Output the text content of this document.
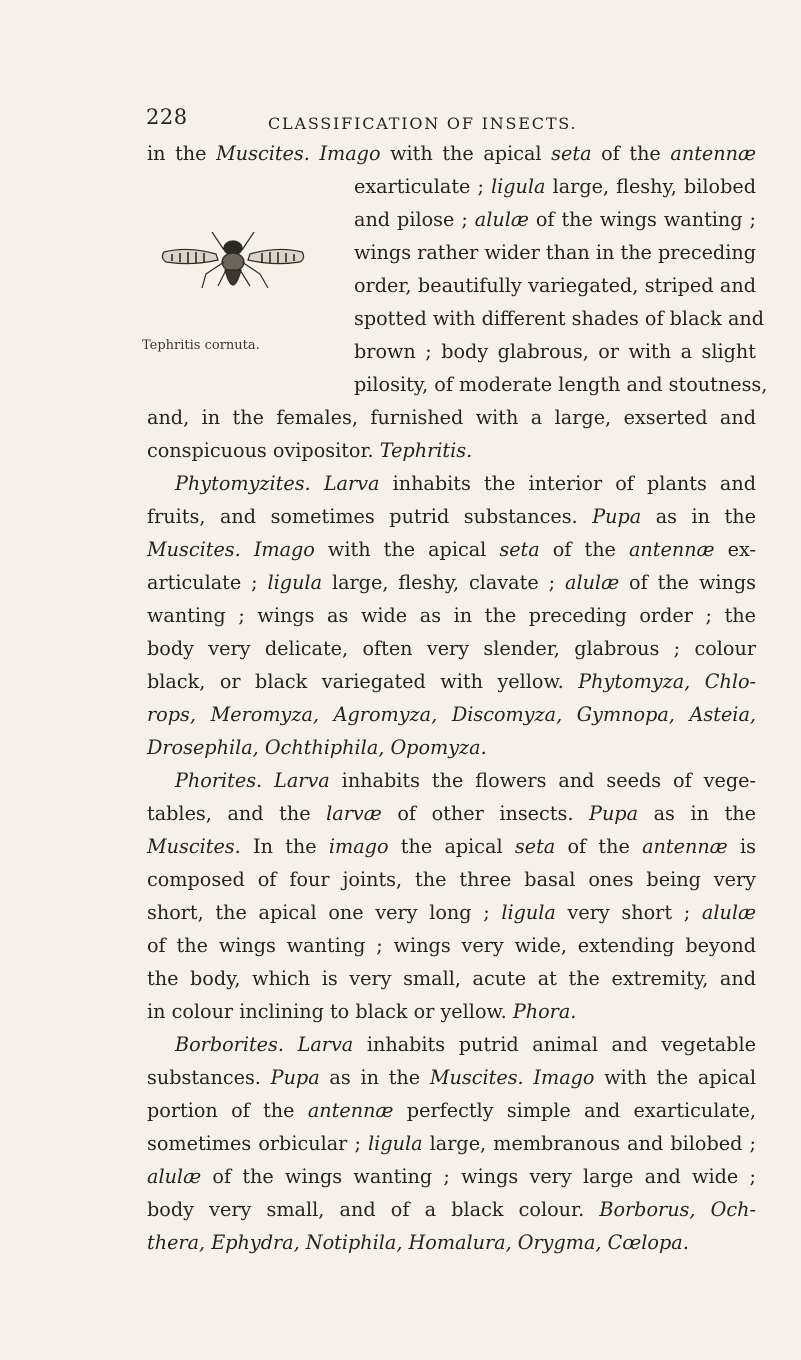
228	CLASSIFICATION OF INSECTS.
Tephritis cornuta.
in the Muscites. Imago with the apical seta of the antennæ
exarticulate ; ligula large, fleshy, bilobed
and pilose ; alulæ of the wings wanting ;
wings rather wider than in the preceding
order, beautifully variegated, striped and
spotted with different shades of black and
brown ; body glabrous, or with a slight
pilosity, of moderate length and stoutness,
and, in the females, furnished with a large, exserted and
conspicuous ovipositor. Tephritis.
Phytomyzites. Larva inhabits the interior of plants and
fruits, and sometimes putrid substances. Pupa as in the
Muscites. Imago with the apical seta of the antennæ ex-
articulate ; ligula large, fleshy, clavate ; alulæ of the wings
wanting ; wings as wide as in the preceding order ; the
body very delicate, often very slender, glabrous ; colour
black, or black variegated with yellow. Phytomyza, Chlo-
rops, Meromyza, Agromyza, Discomyza, Gymnopa, Asteia,
Drosephila, Ochthiphila, Opomyza.
Phorites. Larva inhabits the flowers and seeds of vege-
tables, and the larvæ of other insects. Pupa as in the
Muscites. In the imago the apical seta of the antennæ is
composed of four joints, the three basal ones being very
short, the apical one very long ; ligula very short ; alulæ
of the wings wanting ; wings very wide, extending beyond
the body, which is very small, acute at the extremity, and
in colour inclining to black or yellow. Phora.
Borborites. Larva inhabits putrid animal and vegetable
substances. Pupa as in the Muscites. Imago with the apical
portion of the antennæ perfectly simple and exarticulate,
sometimes orbicular ; ligula large, membranous and bilobed ;
alulæ of the wings wanting ; wings very large and wide ;
body very small, and of a black colour. Borborus, Och-
thera, Ephydra, Notiphila, Homalura, Orygma, Cœlopa.
